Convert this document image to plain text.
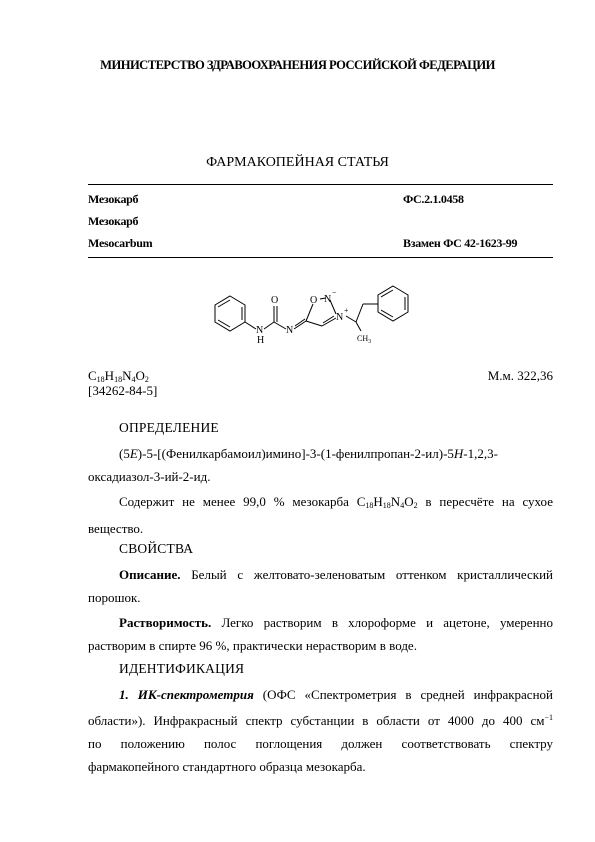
МИНИСТЕРСТВО ЗДРАВООХРАНЕНИЯ РОССИЙСКОЙ ФЕДЕРАЦИИ
ФАРМАКОПЕЙНАЯ СТАТЬЯ
Мезокарб	ФС.2.1.0458
Мезокарб
Mesocarbum	Взамен ФС 42-1623-99
O
N
H
N
O N
−
N
+
$CH_3$
$C_{18}H_{18}N_4O_2$
[34262-84-5]
М.м. 322,36
ОПРЕДЕЛЕНИЕ
(5E)-5-[(Фенилкарбамоил)имино]-3-(1-фенилпропан-2-ил)-5H-1,2,3-
оксадиазол-3-ий-2-ид.
Содержит не менее 99,0 % мезокарба $C_{18}H_{18}N_4O_2$ в пересчёте на сухое
вещество.
СВОЙСТВА
Описание. Белый с желтовато-зеленоватым оттенком кристаллический
порошок.
Растворимость. Легко растворим в хлороформе и ацетоне, умеренно
растворим в спирте 96 %, практически нерастворим в воде.
ИДЕНТИФИКАЦИЯ
1. ИК-спектрометрия (ОФС «Спектрометрия в средней инфракрасной
области»). Инфракрасный спектр субстанции в области от 4000 до 400 $см^{-1}$
по положению полос поглощения должен соответствовать спектру
фармакопейного стандартного образца мезокарба.
